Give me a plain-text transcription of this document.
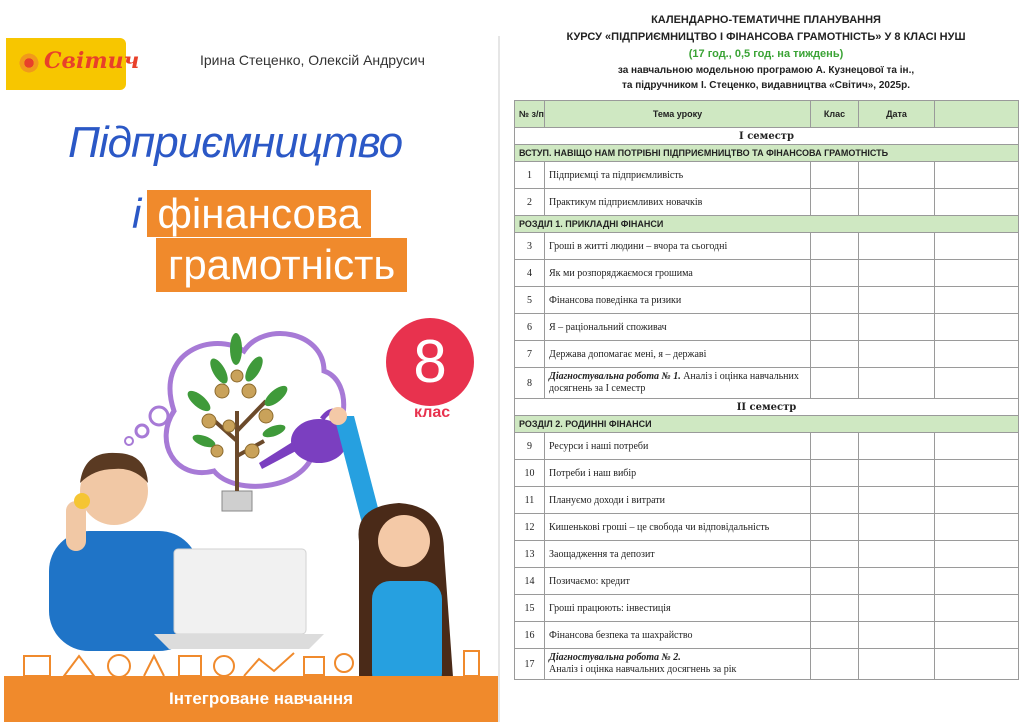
Світич	Ірина Стеценко, Олексій Андрусич
Підприємництво
і фінансова
грамотність
8
клас
Інтегроване навчання
КАЛЕНДАРНО-ТЕМАТИЧНЕ ПЛАНУВАННЯ
КУРСУ «ПІДПРИЄМНИЦТВО І ФІНАНСОВА ГРАМОТНІСТЬ» У 8 КЛАСІ НУШ
(17 год., 0,5 год. на тиждень)
за навчальною модельною програмою А. Кузнецової та ін.,
та підручником І. Стеценко, видавництва «Світич», 2025р.
№ з/п	Тема уроку	Клас	Дата	
І семестр				
ВСТУП. НАВІЩО НАМ ПОТРІБНІ ПІДПРИЄМНИЦТВО ТА ФІНАНСОВА ГРАМОТНІСТЬ				
1	Підприємці та підприємливість			
2	Практикум підприємливих новачків			
РОЗДІЛ 1. ПРИКЛАДНІ ФІНАНСИ				
3	Гроші в житті людини – вчора та сьогодні			
4	Як ми розпоряджаємося грошима			
5	Фінансова поведінка та ризики			
6	Я – раціональний споживач			
7	Держава допомагає мені, я – державі			
8	Діагностувальна робота № 1. Аналіз і оцінка навчальних досягнень за І семестр			
ІІ семестр				
РОЗДІЛ 2. РОДИННІ ФІНАНСИ				
9	Ресурси і наші потреби			
10	Потреби і наш вибір			
11	Плануємо доходи і витрати			
12	Кишенькові гроші – це свобода чи відповідальність			
13	Заощадження та депозит			
14	Позичаємо: кредит			
15	Гроші працюють: інвестиція			
16	Фінансова безпека та шахрайство			
17	Діагностувальна робота № 2.
Аналіз і оцінка навчальних досягнень за рік			
